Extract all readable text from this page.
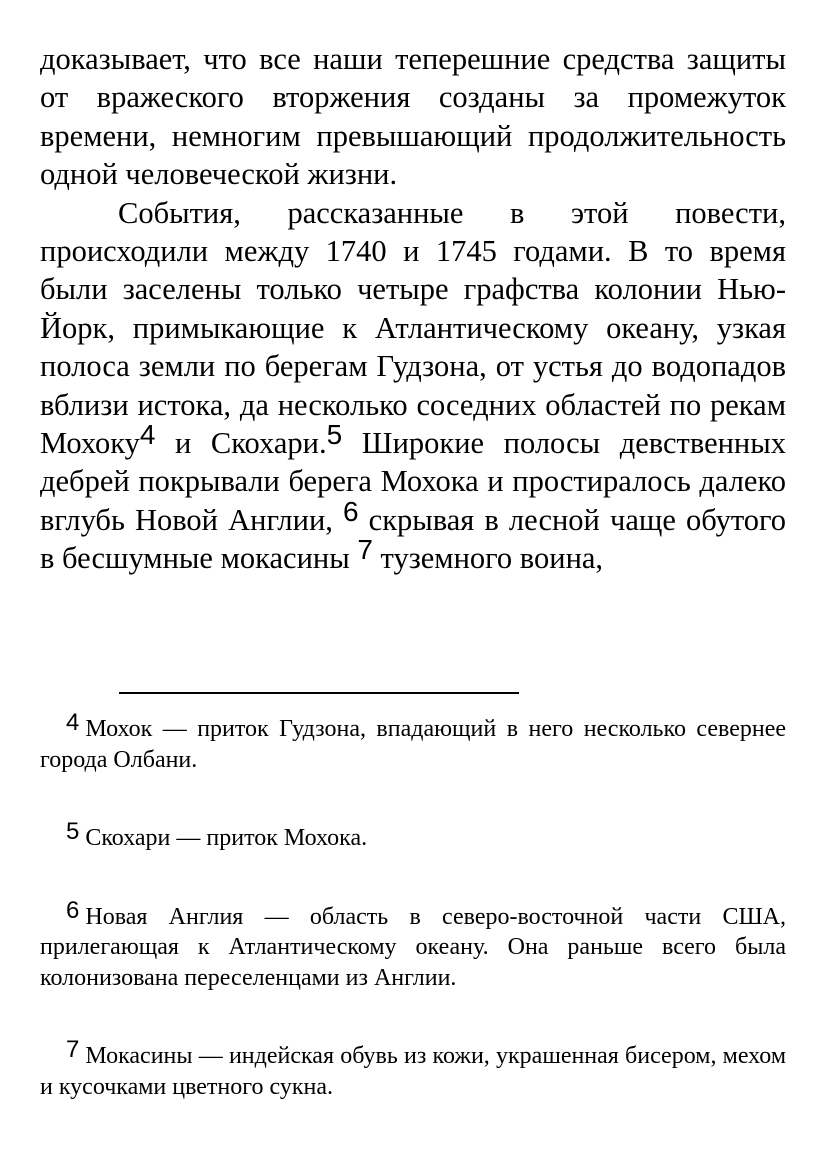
доказывает, что все наши теперешние средства защиты от вражеского вторжения созданы за промежуток времени, немногим превышающий продолжительность одной человеческой жизни.

События, рассказанные в этой повести, происходили между 1740 и 1745 годами. В то время были заселены только четыре графства колонии Нью-Йорк, примыкающие к Атлантическому океану, узкая полоса земли по берегам Гудзона, от устья до водопадов вблизи истока, да несколько соседних областей по рекам Мохоку4 и Скохари.5 Широкие полосы девственных дебрей покрывали берега Мохока и простиралось далеко вглубь Новой Англии, 6 скрывая в лесной чаще обутого в бесшумные мокасины 7 туземного воина,

4 Мохок — приток Гудзона, впадающий в него несколько севернее города Олбани.

5 Скохари — приток Мохока.

6 Новая Англия — область в северо-восточной части США, прилегающая к Атлантическому океану. Она раньше всего была колонизована переселенцами из Англии.

7 Мокасины — индейская обувь из кожи, украшенная бисером, мехом и кусочками цветного сукна.
